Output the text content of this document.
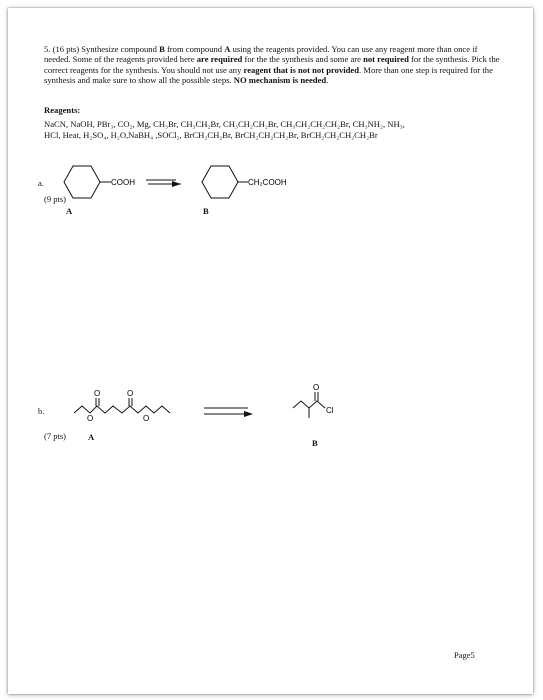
5. (16 pts) Synthesize compound B from compound A using the reagents provided. You can use any reagent more than once if needed. Some of the reagents provided here are required for the the synthesis and some are not required for the synthesis. Pick the correct reagents for the synthesis. You should not use any reagent that is not not provided. More than one step is required for the synthesis and make sure to show all the possible steps. NO mechanism is needed.
Reagents:
NaCN, NaOH, PBr₃, CO₂, Mg, CH₃Br, CH₃CH₂Br, CH₃CH₂CH₂Br, CH₃CH₂CH₂CH₂Br, CH₃NH₂, NH₃,
HCl, Heat, H₂SO₄, H₂O,NaBH₄ ,SOCl₂, BrCH₂CH₂Br, BrCH₂CH₂CH₂Br, BrCH₂CH₂CH₂CH₂Br
a.
(9 pts)
A	B
COOH	CH₂COOH
b.
(7 pts)	A
B
O	O
O	O
O
Cl
Page5
